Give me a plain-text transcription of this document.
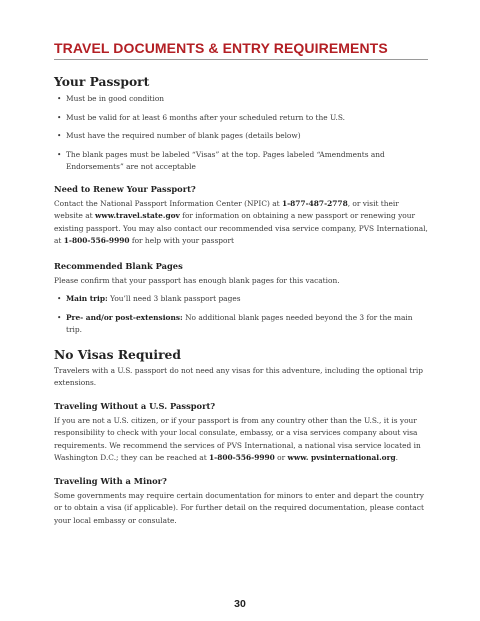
TRAVEL DOCUMENTS & ENTRY REQUIREMENTS
Your Passport
• Must be in good condition
• Must be valid for at least 6 months after your scheduled return to the U.S.
• Must have the required number of blank pages (details below)
• The blank pages must be labeled “Visas” at the top. Pages labeled “Amendments and Endorsements” are not acceptable
Need to Renew Your Passport?

Contact the National Passport Information Center (NPIC) at 1-877-487-2778, or visit their website at www.travel.state.gov for information on obtaining a new passport or renewing your existing passport. You may also contact our recommended visa service company, PVS International, at 1-800-556-9990 for help with your passport

Recommended Blank Pages

Please confirm that your passport has enough blank pages for this vacation.

• Main trip: You’ll need 3 blank passport pages
• Pre- and/or post-extensions: No additional blank pages needed beyond the 3 for the main trip.
No Visas Required

Travelers with a U.S. passport do not need any visas for this adventure, including the optional trip extensions.

Traveling Without a U.S. Passport?

If you are not a U.S. citizen, or if your passport is from any country other than the U.S., it is your responsibility to check with your local consulate, embassy, or a visa services company about visa requirements. We recommend the services of PVS International, a national visa service located in Washington D.C.; they can be reached at 1-800-556-9990 or www. pvsinternational.org.

Traveling With a Minor?

Some governments may require certain documentation for minors to enter and depart the country or to obtain a visa (if applicable). For further detail on the required documentation, please contact your local embassy or consulate.

30
